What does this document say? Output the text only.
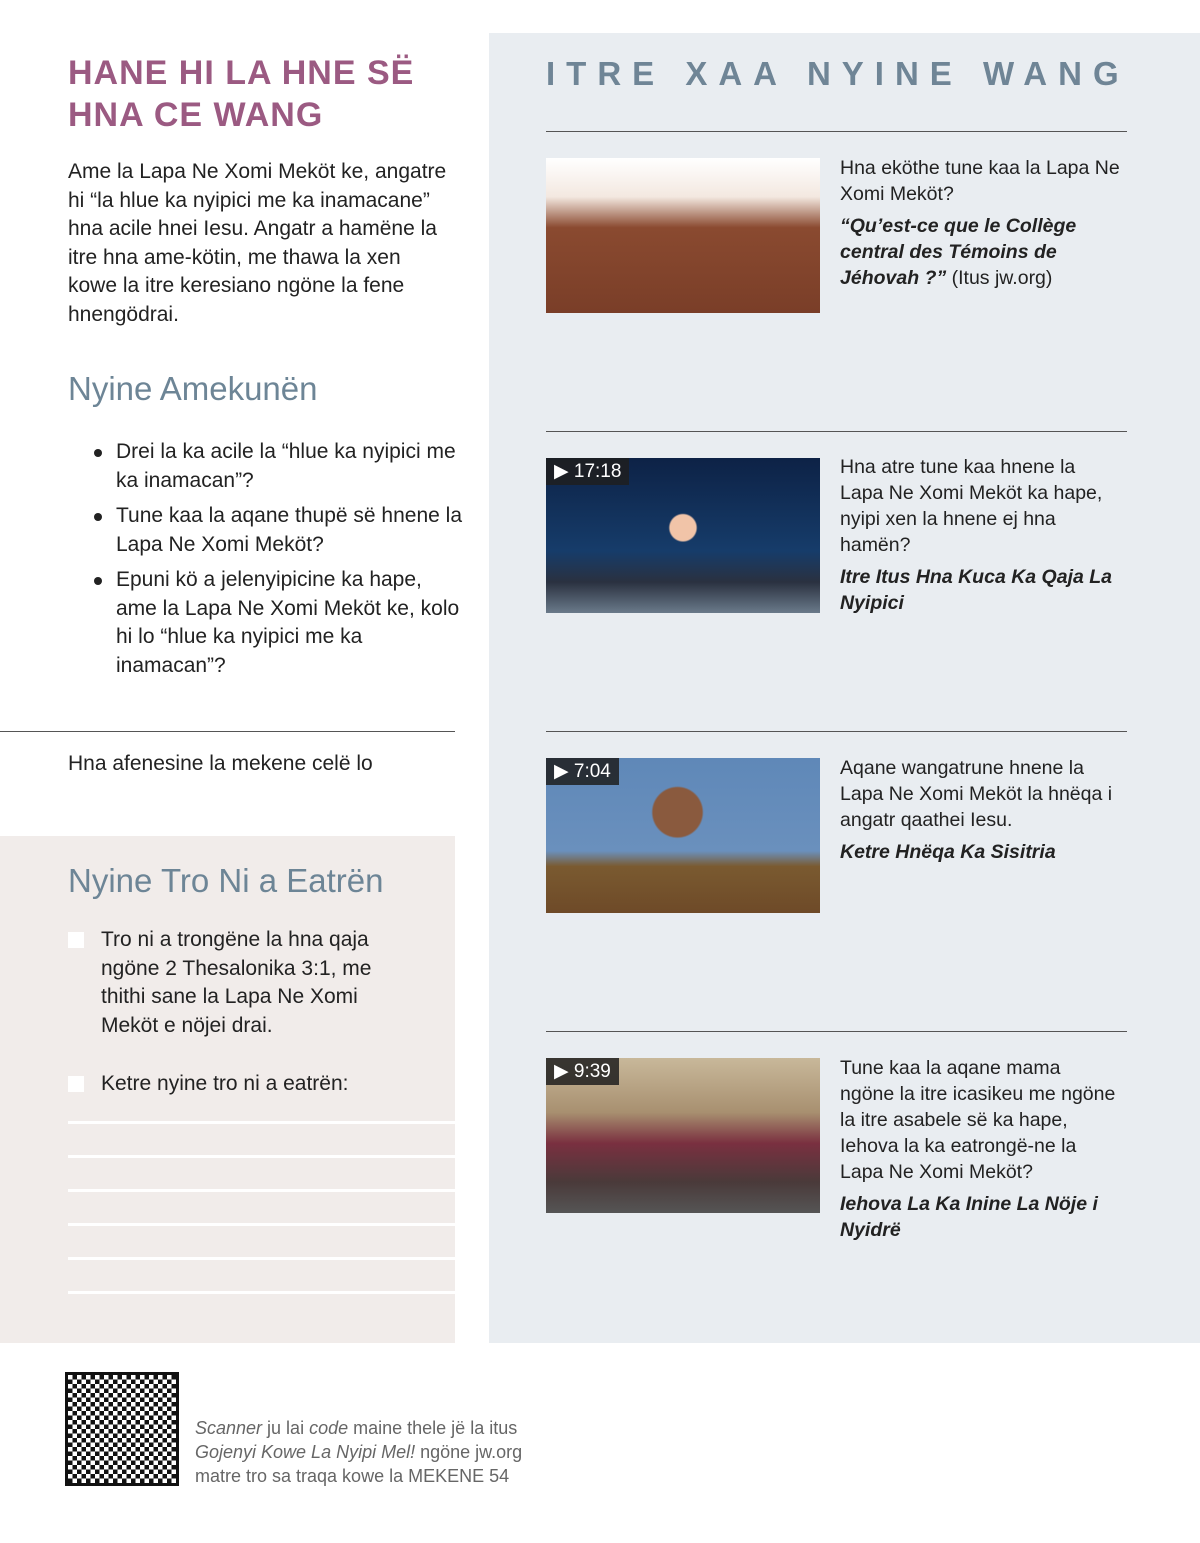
HANE HI LA HNE SË HNA CE WANG
Ame la Lapa Ne Xomi Meköt ke, angatre hi “la hlue ka nyipici me ka inamacane” hna acile hnei Iesu. Angatr a hamëne la itre hna ame-kötin, me thawa la xen kowe la itre keresiano ngöne la fene hnengödrai.
Nyine Amekunën
Drei la ka acile la “hlue ka nyipici me ka inamacan”?
Tune kaa la aqane thupë së hnene la Lapa Ne Xomi Meköt?
Epuni kö a jelenyipicine ka hape, ame la Lapa Ne Xomi Meköt ke, kolo hi lo “hlue ka nyipici me ka inamacan”?
Hna afenesine la mekene celë lo
Nyine Tro Ni a Eatrën
Tro ni a trongëne la hna qaja ngöne 2 Thesalonika 3:1, me thithi sane la Lapa Ne Xomi Meköt e nöjei drai.
Ketre nyine tro ni a eatrën:
ITRE XAA NYINE WANG
Hna eköthe tune kaa la Lapa Ne Xomi Meköt?
“Qu’est-ce que le Collège central des Témoins de Jéhovah ?” (Itus jw.org)
▶ 17:18	Hna atre tune kaa hnene la Lapa Ne Xomi Meköt ka hape, nyipi xen la hnene ej hna hamën?
Itre Itus Hna Kuca Ka Qaja La Nyipici
▶ 7:04	Aqane wangatrune hnene la Lapa Ne Xomi Meköt la hnëqa i angatr qaathei Iesu.
Ketre Hnëqa Ka Sisitria
▶ 9:39	Tune kaa la aqane mama ngöne la itre icasikeu me ngöne la itre asabele së ka hape, Iehova la ka eatrongë-ne la Lapa Ne Xomi Meköt?
Iehova La Ka Inine La Nöje i Nyidrë
Scanner ju lai code maine thele jë la itus
Gojenyi Kowe La Nyipi Mel! ngöne jw.org
matre tro sa traqa kowe la MEKENE 54
